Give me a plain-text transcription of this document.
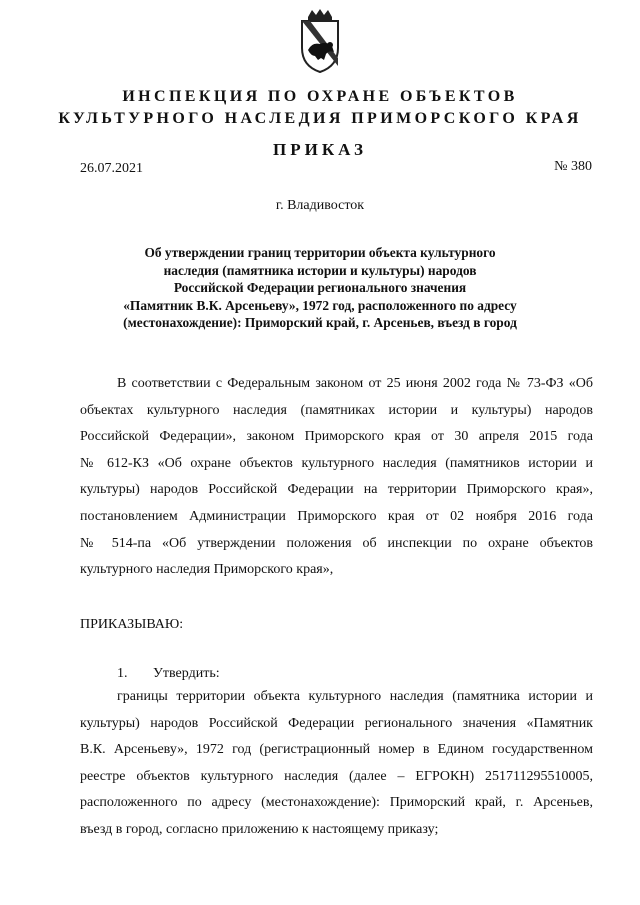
ИНСПЕКЦИЯ ПО ОХРАНЕ ОБЪЕКТОВ
КУЛЬТУРНОГО НАСЛЕДИЯ ПРИМОРСКОГО КРАЯ
ПРИКАЗ
26.07.2021	№ 380
г. Владивосток
Об утверждении границ территории объекта культурного
наследия (памятника истории и культуры) народов
Российской Федерации регионального значения
«Памятник В.К. Арсеньеву», 1972 год, расположенного по адресу
(местонахождение): Приморский край, г. Арсеньев, въезд в город
В соответствии с Федеральным законом от 25 июня 2002 года № 73-ФЗ «Об
объектах культурного наследия (памятниках истории и культуры) народов
Российской Федерации», законом Приморского края от 30 апреля 2015 года
№ 612-КЗ «Об охране объектов культурного наследия (памятников истории и
культуры) народов Российской Федерации на территории Приморского края»,
постановлением Администрации Приморского края от 02 ноября 2016 года
№ 514-па «Об утверждении положения об инспекции по охране объектов
культурного наследия Приморского края»,
ПРИКАЗЫВАЮ:
1. Утвердить:
границы территории объекта культурного наследия (памятника истории и
культуры) народов Российской Федерации регионального значения «Памятник
В.К. Арсеньеву», 1972 год (регистрационный номер в Едином государственном
реестре объектов культурного наследия (далее – ЕГРОКН) 251711295510005,
расположенного по адресу (местонахождение): Приморский край, г. Арсеньев,
въезд в город, согласно приложению к настоящему приказу;
